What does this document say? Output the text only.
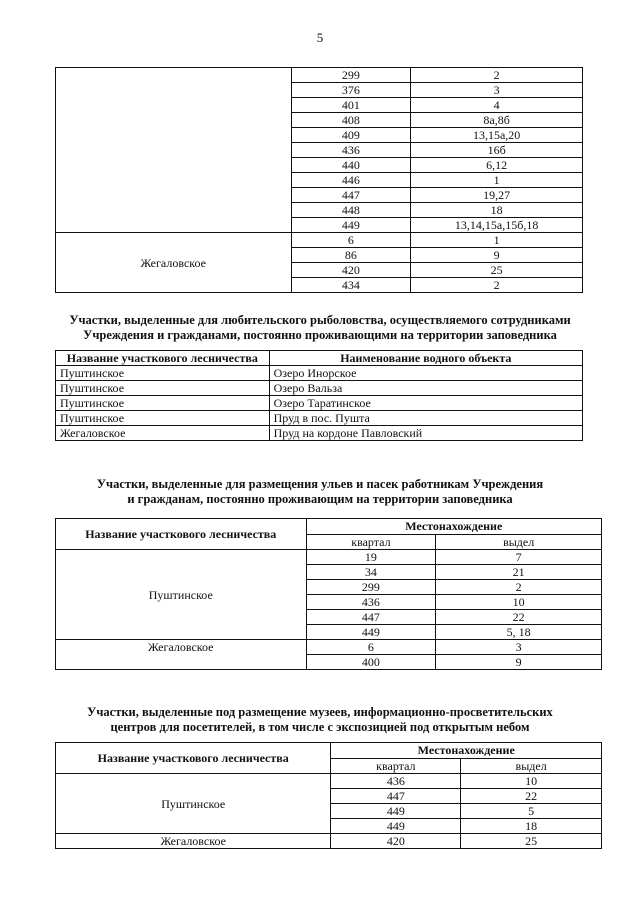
5
	299	2
	376	3
	401	4
	408	8а,8б
	409	13,15а,20
	436	16б
	440	6,12
	446	1
	447	19,27
	448	18
	449	13,14,15а,15б,18
Жегаловское	6	1
	86	9
	420	25
	434	2
Участки, выделенные для любительского рыболовства, осуществляемого сотрудниками
Учреждения и гражданами, постоянно проживающими на территории заповедника
Название участкового лесничества	Наименование водного объекта
Пуштинское	Озеро Инорское
Пуштинское	Озеро Вальза
Пуштинское	Озеро Таратинское
Пуштинское	Пруд в пос. Пушта
Жегаловское	Пруд на кордоне Павловский
Участки, выделенные для размещения ульев и пасек работникам Учреждения
и гражданам, постоянно проживающим на территории заповедника
Название участкового лесничества	Местонахождение	
	квартал	выдел
Пуштинское	19	7
	34	21
	299	2
	436	10
	447	22
	449	5, 18
Жегаловское	6	3
	400	9
Участки, выделенные под размещение музеев, информационно-просветительских
центров для посетителей, в том числе с экспозицией под открытым небом
Название участкового лесничества	Местонахождение	
	квартал	выдел
Пуштинское	436	10
	447	22
	449	5
	449	18
Жегаловское	420	25
